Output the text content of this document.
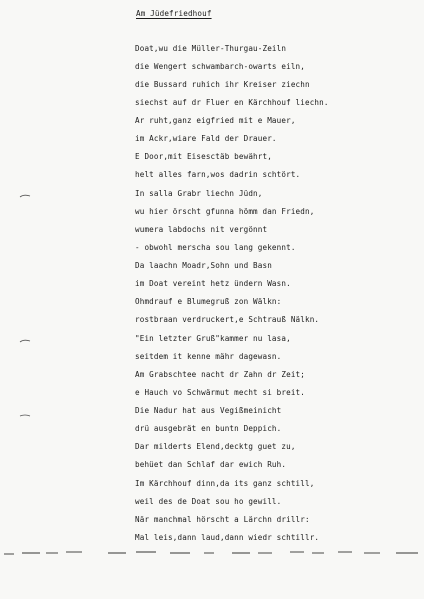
Am Jüdefriedhouf
Doat,wu die Müller-Thurgau-Zeiln
die Wengert schwambarch-owarts eiln,
die Bussard ruhich ihr Kreiser ziechn
siechst auf dr Fluer en Kärchhouf liechn.
Ar ruht,ganz eigfried mit e Mauer,
im Ackr,wiare Fald der Drauer.
E Door,mit Eisesctäb bewährt,
helt alles farn,wos dadrin schtört.
In salla Grabr liechn Jüdn,
wu hier örscht gfunna hömm dan Friedn,
wumera labdochs nit vergönnt
- obwohl merscha sou lang gekennt.
Da laachn Moadr,Sohn und Basn
im Doat vereint hetz ündern Wasn.
Ohmdrauf e Blumegruß zon Wälkn:
rostbraan verdruckert,e Schtrauß Nälkn.
"Ein letzter Gruß"kammer nu lasa,
seitdem it kenne mähr dagewasn.
Am Grabschtee nacht dr Zahn dr Zeit;
e Hauch vo Schwärmut mecht si breit.
Die Nadur hat aus Vegißmeinicht
drü ausgebrät en buntn Deppich.
Dar milderts Elend,decktg guet zu,
behüet dan Schlaf dar ewich Ruh.
Im Kärchhouf dinn,da its ganz schtill,
weil des de Doat sou ho gewill.
När manchmal hörscht a Lärchn drillr:
Mal leis,dann laud,dann wiedr schtillr.
